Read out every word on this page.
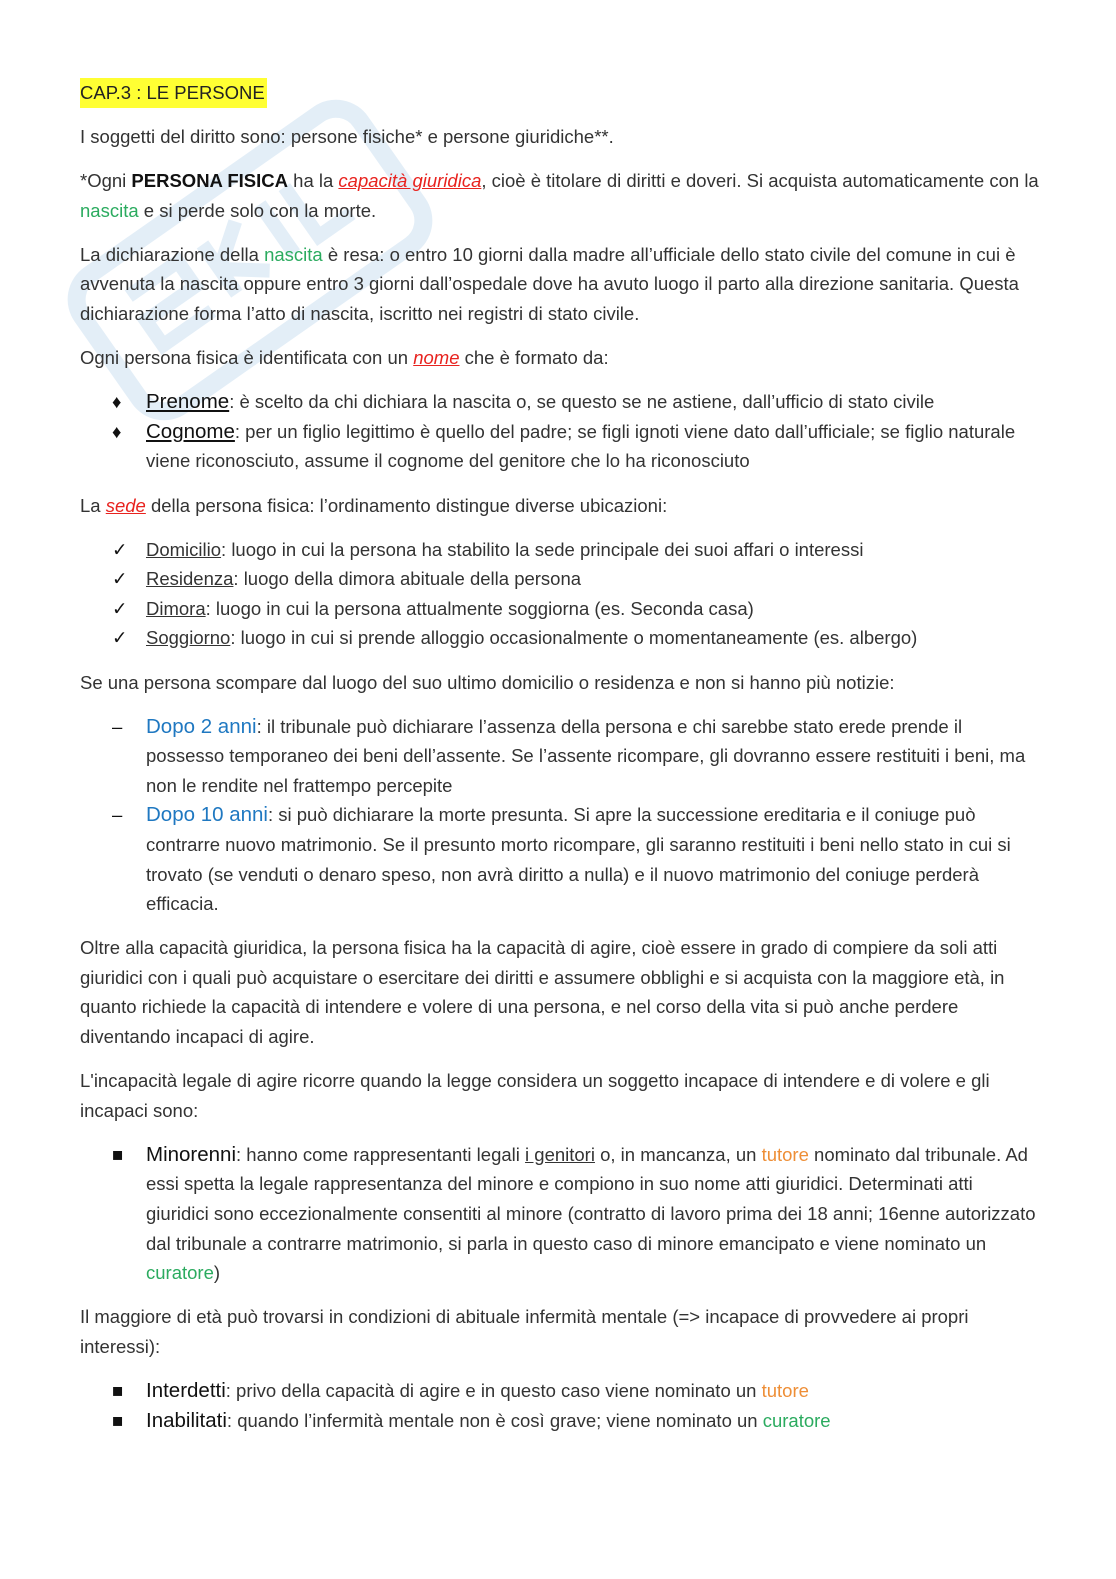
CAP.3 : LE PERSONE

I soggetti del diritto sono: persone fisiche* e persone giuridiche**.

*Ogni PERSONA FISICA ha la capacità giuridica, cioè è titolare di diritti e doveri. Si acquista automaticamente con la nascita e si perde solo con la morte.

La dichiarazione della nascita è resa: o entro 10 giorni dalla madre all’ufficiale dello stato civile del comune in cui è avvenuta la nascita oppure entro 3 giorni dall’ospedale dove ha avuto luogo il parto alla direzione sanitaria. Questa dichiarazione forma l’atto di nascita, iscritto nei registri di stato civile.

Ogni persona fisica è identificata con un nome che è formato da:

♦	Prenome: è scelto da chi dichiara la nascita o, se questo se ne astiene, dall’ufficio di stato civile
♦	Cognome: per un figlio legittimo è quello del padre; se figli ignoti viene dato dall’ufficiale; se figlio naturale viene riconosciuto, assume il cognome del genitore che lo ha riconosciuto

La sede della persona fisica: l’ordinamento distingue diverse ubicazioni:

✓ Domicilio: luogo in cui la persona ha stabilito la sede principale dei suoi affari o interessi
✓ Residenza: luogo della dimora abituale della persona
✓ Dimora: luogo in cui la persona attualmente soggiorna (es. Seconda casa)
✓ Soggiorno: luogo in cui si prende alloggio occasionalmente o momentaneamente (es. albergo)

Se una persona scompare dal luogo del suo ultimo domicilio o residenza e non si hanno più notizie:

–	Dopo 2 anni: il tribunale può dichiarare l’assenza della persona e chi sarebbe stato erede prende il possesso temporaneo dei beni dell’assente. Se l’assente ricompare, gli dovranno essere restituiti i beni, ma non le rendite nel frattempo percepite
–	Dopo 10 anni: si può dichiarare la morte presunta. Si apre la successione ereditaria e il coniuge può contrarre nuovo matrimonio. Se il presunto morto ricompare, gli saranno restituiti i beni nello stato in cui si trovato (se venduti o denaro speso, non avrà diritto a nulla) e il nuovo matrimonio del coniuge perderà efficacia.

Oltre alla capacità giuridica, la persona fisica ha la capacità di agire, cioè essere in grado di compiere da soli atti giuridici con i quali può acquistare o esercitare dei diritti e assumere obblighi e si acquista con la maggiore età, in quanto richiede la capacità di intendere e volere di una persona, e nel corso della vita si può anche perdere diventando incapaci di agire.

L'incapacità legale di agire ricorre quando la legge considera un soggetto incapace di intendere e di volere e gli incapaci sono:

■	Minorenni: hanno come rappresentanti legali i genitori o, in mancanza, un tutore nominato dal tribunale. Ad essi spetta la legale rappresentanza del minore e compiono in suo nome atti giuridici. Determinati atti giuridici sono eccezionalmente consentiti al minore (contratto di lavoro prima dei 18 anni; 16enne autorizzato dal tribunale a contrarre matrimonio, si parla in questo caso di minore emancipato e viene nominato un curatore)

Il maggiore di età può trovarsi in condizioni di abituale infermità mentale (=> incapace di provvedere ai propri interessi):

■	Interdetti: privo della capacità di agire e in questo caso viene nominato un tutore
■	Inabilitati: quando l’infermità mentale non è così grave; viene nominato un curatore
